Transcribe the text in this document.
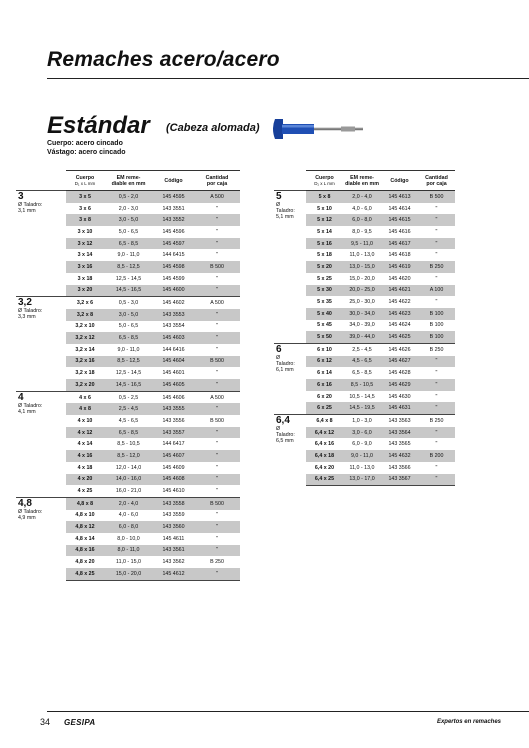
Remaches acero/acero
Estándar (Cabeza alomada)
Cuerpo: acero cincado
Vástago: acero cincado
	Cuerpo
D₁ x L mm	EM reme-
diable en mm	Código	Cantidad
por caja

3
Ø Taladro:
3,1 mm	3 x 5	0,5 - 2,0	145 4595	A 500
	3 x 6	2,0 - 3,0	143 3551	"
	3 x 8	3,0 - 5,0	143 3552	"
	3 x 10	5,0 - 6,5	145 4596	"
	3 x 12	6,5 - 8,5	145 4597	"
	3 x 14	9,0 - 11,0	144 6415	"
	3 x 16	8,5 - 12,5	145 4598	B 500
	3 x 18	12,5 - 14,5	145 4599	"
	3 x 20	14,5 - 16,5	145 4600	"

3,2
Ø Taladro:
3,3 mm	3,2 x 6	0,5 - 3,0	145 4602	A 500
	3,2 x 8	3,0 - 5,0	143 3553	"
	3,2 x 10	5,0 - 6,5	143 3554	"
	3,2 x 12	6,5 - 8,5	145 4603	"
	3,2 x 14	9,0 - 11,0	144 6416	"
	3,2 x 16	8,5 - 12,5	145 4604	B 500
	3,2 x 18	12,5 - 14,5	145 4601	"
	3,2 x 20	14,5 - 16,5	145 4605	"

4
Ø Taladro:
4,1 mm	4 x 6	0,5 - 2,5	145 4606	A 500
	4 x 8	2,5 - 4,5	143 3555	"
	4 x 10	4,5 - 6,5	143 3556	B 500
	4 x 12	6,5 - 8,5	143 3557	"
	4 x 14	8,5 - 10,5	144 6417	"
	4 x 16	8,5 - 12,0	145 4607	"
	4 x 18	12,0 - 14,0	145 4609	"
	4 x 20	14,0 - 16,0	145 4608	"
	4 x 25	16,0 - 21,0	145 4610	"

4,8
Ø Taladro:
4,9 mm	4,8 x 8	2,0 - 4,0	143 3558	B 500
	4,8 x 10	4,0 - 6,0	143 3559	"
	4,8 x 12	6,0 - 8,0	143 3560	"
	4,8 x 14	8,0 - 10,0	145 4611	"
	4,8 x 16	8,0 - 11,0	143 3561	"
	4,8 x 20	11,0 - 15,0	143 3562	B 250
	4,8 x 25	15,0 - 20,0	145 4612	"
	Cuerpo
D₁ x L mm	EM reme-
diable en mm	Código	Cantidad
por caja

5
Ø
Taladro:
5,1 mm	5 x 8	2,0 - 4,0	145 4613	B 500
	5 x 10	4,0 - 6,0	145 4614	"
	5 x 12	6,0 - 8,0	145 4615	"
	5 x 14	8,0 - 9,5	145 4616	"
	5 x 16	9,5 - 11,0	145 4617	"
	5 x 18	11,0 - 13,0	145 4618	"
	5 x 20	13,0 - 15,0	145 4619	B 250
	5 x 25	15,0 - 20,0	145 4620	"
	5 x 30	20,0 - 25,0	145 4621	A 100
	5 x 35	25,0 - 30,0	145 4622	"
	5 x 40	30,0 - 34,0	145 4623	B 100
	5 x 45	34,0 - 39,0	145 4624	B 100
	5 x 50	39,0 - 44,0	145 4625	B 100

6
Ø
Taladro:
6,1 mm	6 x 10	2,5 - 4,5	145 4626	B 250
	6 x 12	4,5 - 6,5	145 4627	"
	6 x 14	6,5 - 8,5	145 4628	"
	6 x 16	8,5 - 10,5	145 4629	"
	6 x 20	10,5 - 14,5	145 4630	"
	6 x 25	14,5 - 19,5	145 4631	"

6,4
Ø
Taladro:
6,5 mm	6,4 x 8	1,0 - 3,0	143 3563	B 250
	6,4 x 12	3,0 - 6,0	143 3564	"
	6,4 x 16	6,0 - 9,0	143 3565	"
	6,4 x 18	9,0 - 11,0	145 4632	B 200
	6,4 x 20	11,0 - 13,0	143 3566	"
	6,4 x 25	13,0 - 17,0	143 3567	"
34 GESIPA	Expertos en remaches
